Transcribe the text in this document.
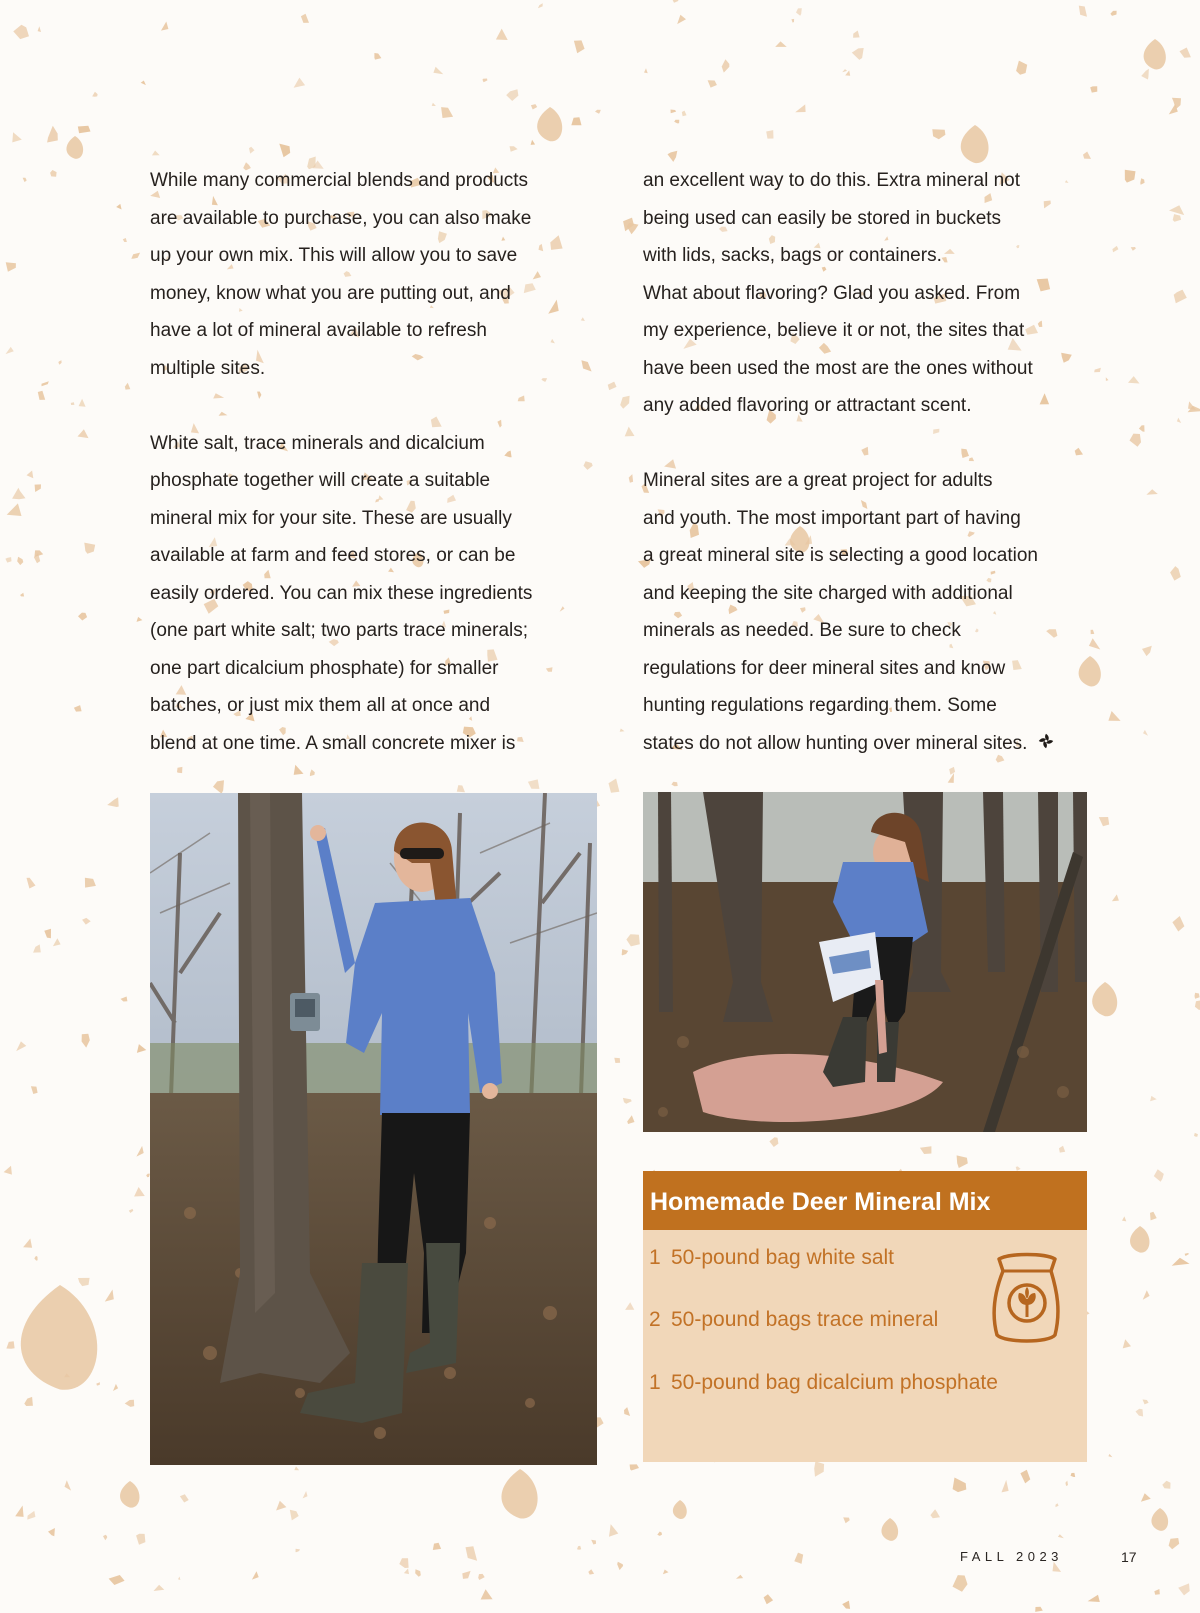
While many commercial blends and products
are available to purchase, you can also make
up your own mix. This will allow you to save
money, know what you are putting out, and
have a lot of mineral available to refresh
multiple sites.

White salt, trace minerals and dicalcium
phosphate together will create a suitable
mineral mix for your site. These are usually
available at farm and feed stores, or can be
easily ordered. You can mix these ingredients
(one part white salt; two parts trace minerals;
one part dicalcium phosphate) for smaller
batches, or just mix them all at once and
blend at one time. A small concrete mixer is

an excellent way to do this. Extra mineral not
being used can easily be stored in buckets
with lids, sacks, bags or containers.
What about flavoring? Glad you asked. From
my experience, believe it or not, the sites that
have been used the most are the ones without
any added flavoring or attractant scent.

Mineral sites are a great project for adults
and youth. The most important part of having
a great mineral site is selecting a good location
and keeping the site charged with additional
minerals as needed. Be sure to check
regulations for deer mineral sites and know
hunting regulations regarding them. Some
states do not allow hunting over mineral sites.

Homemade Deer Mineral Mix
1 50-pound bag white salt
2 50-pound bags trace mineral
1 50-pound bag dicalcium phosphate
FALL 2023	17
